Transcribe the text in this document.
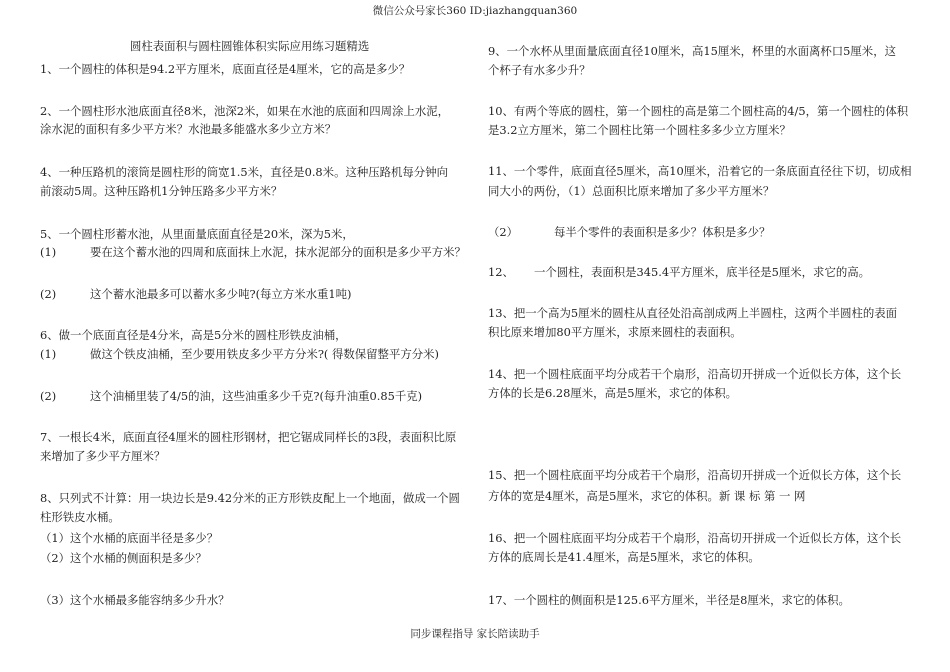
微信公众号家长360 ID:jiazhangquan360
圆柱表面积与圆柱圆锥体积实际应用练习题精选
1、一个圆柱的体积是94.2平方厘米，底面直径是4厘米，它的高是多少？
2、一个圆柱形水池底面直径8米，池深2米，如果在水池的底面和四周涂上水泥，
涂水泥的面积有多少平方米？水池最多能盛水多少立方米？
4、一种压路机的滚筒是圆柱形的筒宽1.5米，直径是0.8米。这种压路机每分钟向
前滚动5周。这种压路机1分钟压路多少平方米？
5、一个圆柱形蓄水池，从里面量底面直径是20米，深为5米，
(1)	要在这个蓄水池的四周和底面抹上水泥，抹水泥部分的面积是多少平方米？
(2)	这个蓄水池最多可以蓄水多少吨?(每立方米水重1吨)
6、做一个底面直径是4分米，高是5分米的圆柱形铁皮油桶，
(1)	做这个铁皮油桶，至少要用铁皮多少平方分米?( 得数保留整平方分米)
(2)	这个油桶里装了4/5的油，这些油重多少千克?(每升油重0.85千克)
7、一根长4米，底面直径4厘米的圆柱形钢材，把它锯成同样长的3段，表面积比原
来增加了多少平方厘米？
8、只列式不计算：用一块边长是9.42分米的正方形铁皮配上一个地面，做成一个圆
柱形铁皮水桶。
（1）这个水桶的底面半径是多少？
（2）这个水桶的侧面积是多少？
（3）这个水桶最多能容纳多少升水？
9、一个水杯从里面量底面直径10厘米，高15厘米，杯里的水面离杯口5厘米，这
个杯子有水多少升？
10、有两个等底的圆柱，第一个圆柱的高是第二个圆柱高的4/5，第一个圆柱的体积
是3.2立方厘米，第二个圆柱比第一个圆柱多多少立方厘米？
11、一个零件，底面直径5厘米，高10厘米，沿着它的一条底面直径往下切，切成相
同大小的两份，（1）总面积比原来增加了多少平方厘米？
（2）	每半个零件的表面积是多少？体积是多少？
12、 一个圆柱，表面积是345.4平方厘米，底半径是5厘米，求它的高。
13、把一个高为5厘米的圆柱从直径处沿高剖成两上半圆柱，这两个半圆柱的表面
积比原来增加80平方厘米，求原来圆柱的表面积。
14、把一个圆柱底面平均分成若干个扇形，沿高切开拼成一个近似长方体，这个长
方体的长是6.28厘米，高是5厘米，求它的体积。
15、把一个圆柱底面平均分成若干个扇形，沿高切开拼成一个近似长方体，这个长
方体的宽是4厘米，高是5厘米，求它的体积。新 课 标 第 一 网
16、把一个圆柱底面平均分成若干个扇形，沿高切开拼成一个近似长方体，这个长
方体的底周长是41.4厘米，高是5厘米，求它的体积。
17、一个圆柱的侧面积是125.6平方厘米，半径是8厘米，求它的体积。
同步课程指导 家长陪读助手
